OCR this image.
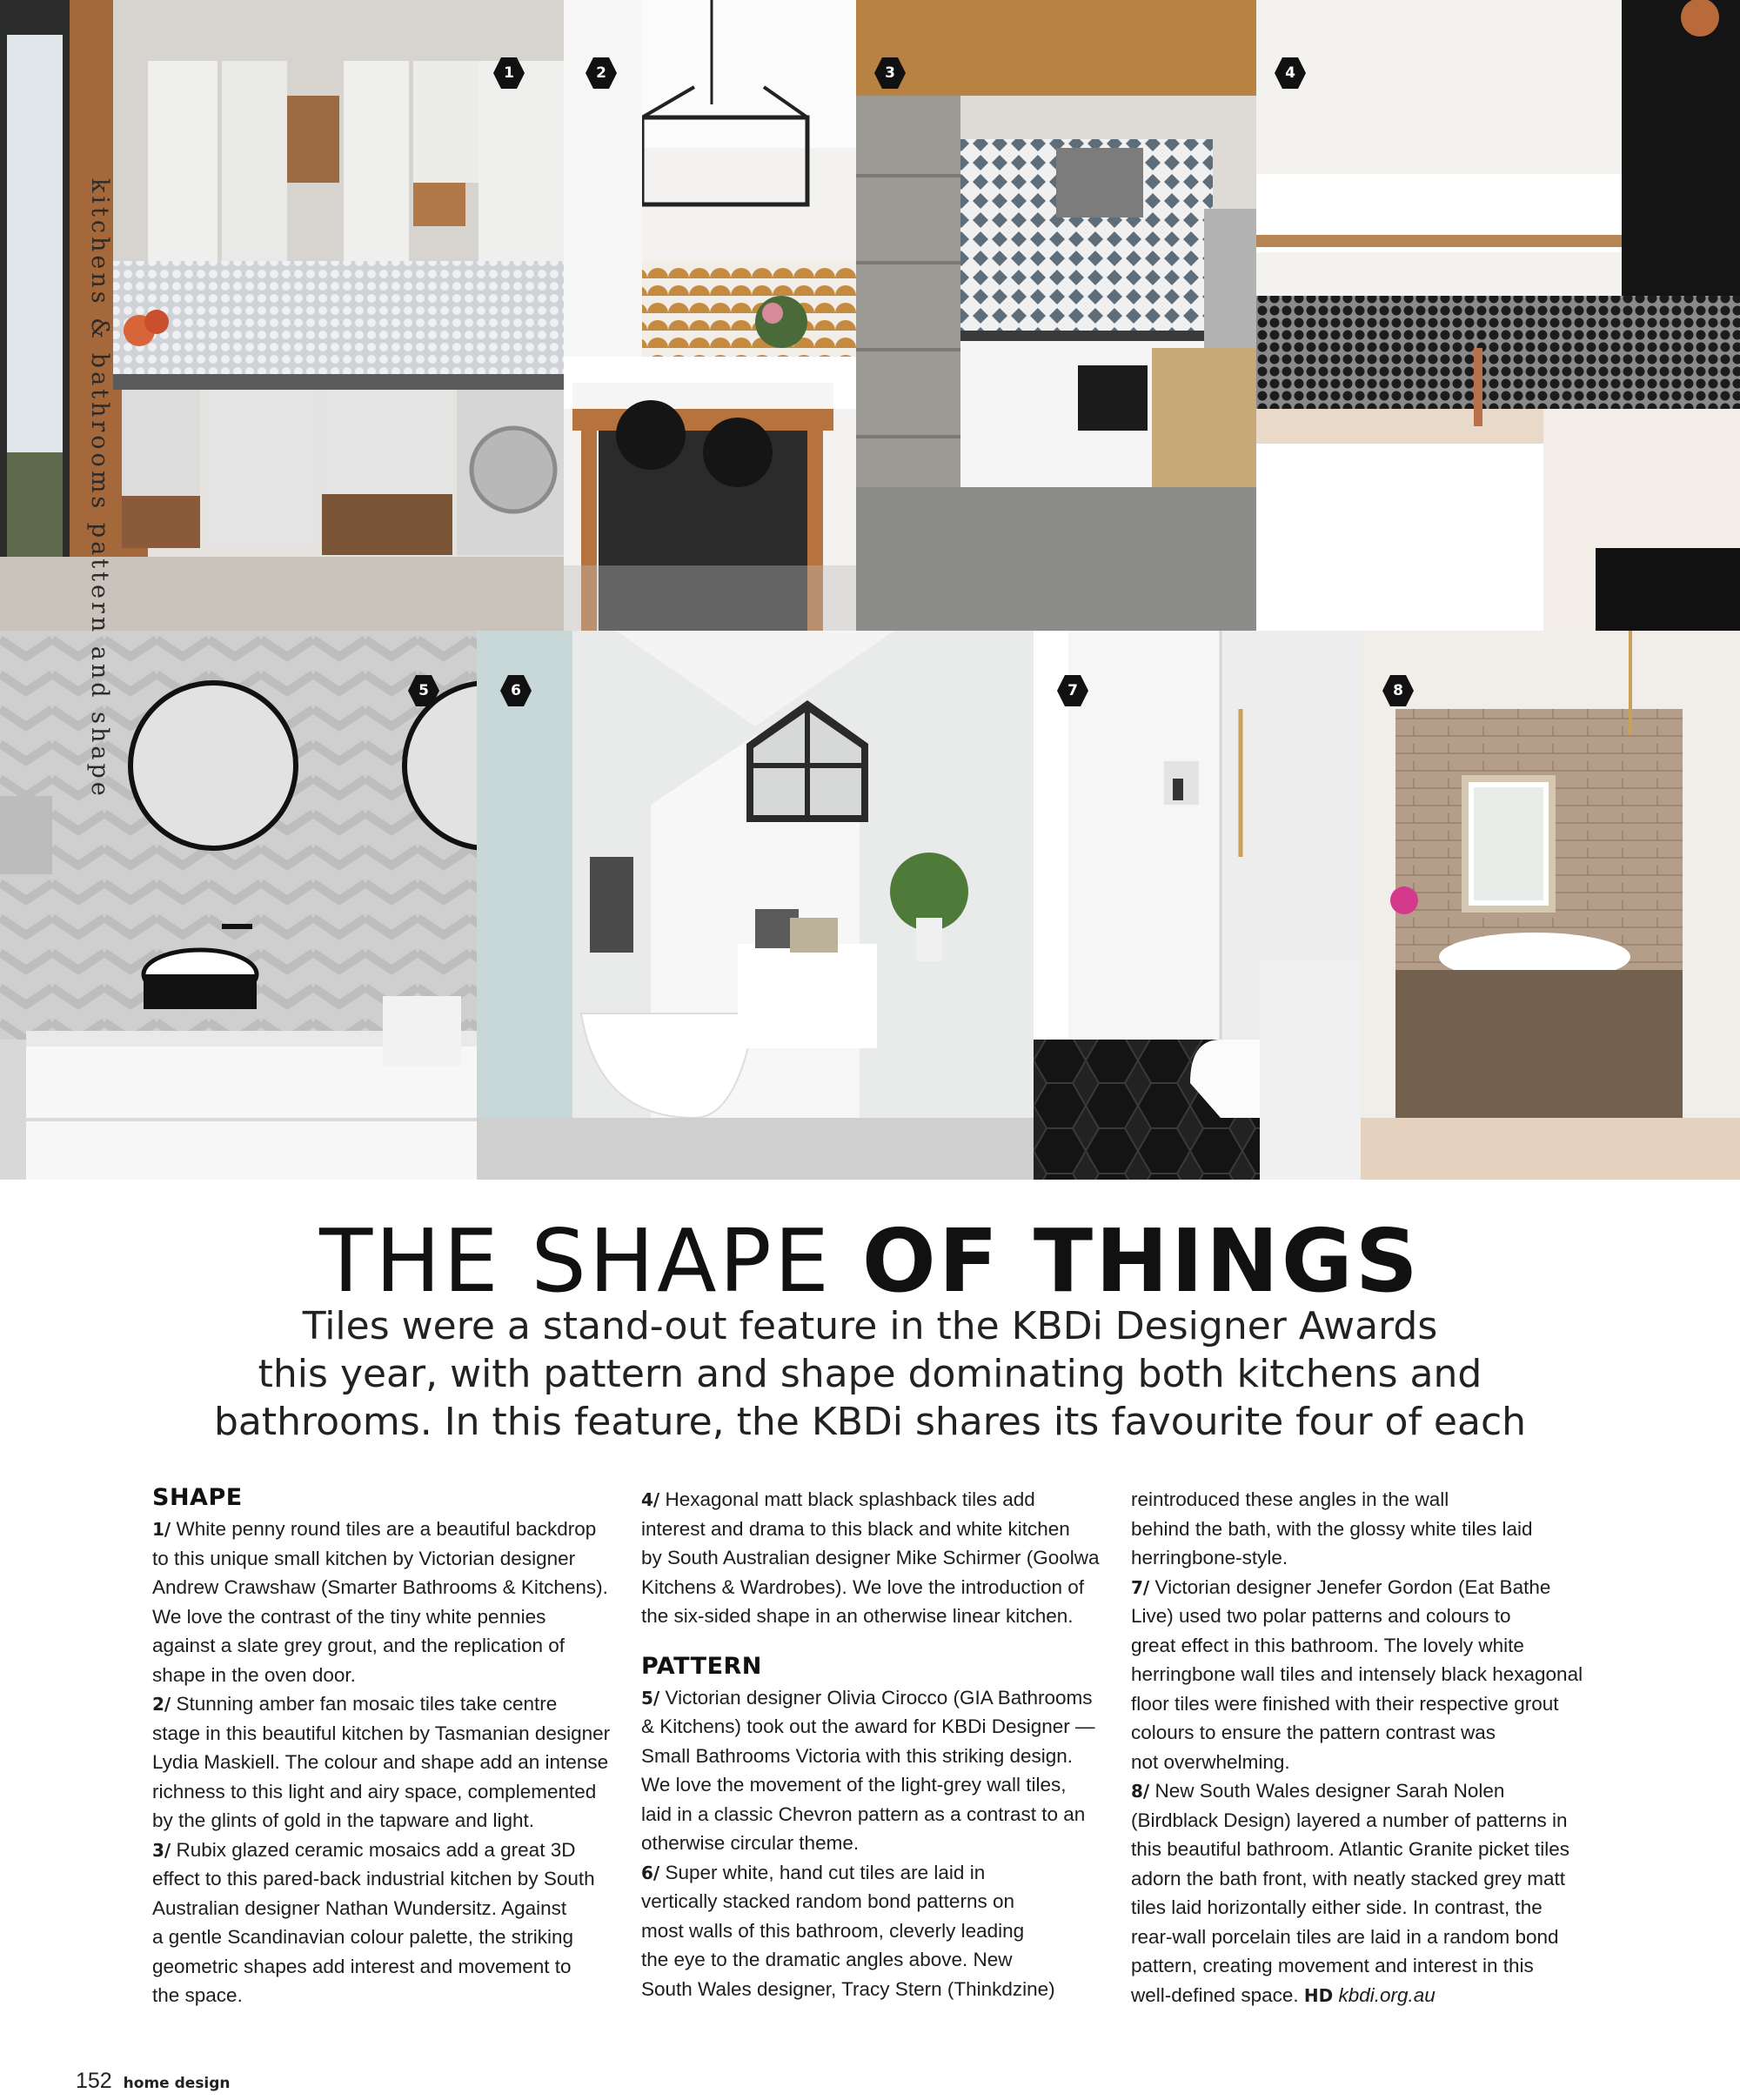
1	2	3	4
5	6	7	8
kitchens & bathrooms pattern and shape
THE SHAPE OF THINGS
Tiles were a stand-out feature in the KBDi Designer Awards
this year, with pattern and shape dominating both kitchens and
bathrooms. In this feature, the KBDi shares its favourite four of each
SHAPE
1/ White penny round tiles are a beautiful backdrop
to this unique small kitchen by Victorian designer
Andrew Crawshaw (Smarter Bathrooms & Kitchens).
We love the contrast of the tiny white pennies
against a slate grey grout, and the replication of
shape in the oven door.
2/ Stunning amber fan mosaic tiles take centre
stage in this beautiful kitchen by Tasmanian designer
Lydia Maskiell. The colour and shape add an intense
richness to this light and airy space, complemented
by the glints of gold in the tapware and light.
3/ Rubix glazed ceramic mosaics add a great 3D
effect to this pared-back industrial kitchen by South
Australian designer Nathan Wundersitz. Against
a gentle Scandinavian colour palette, the striking
geometric shapes add interest and movement to
the space.
4/ Hexagonal matt black splashback tiles add
interest and drama to this black and white kitchen
by South Australian designer Mike Schirmer (Goolwa
Kitchens & Wardrobes). We love the introduction of
the six-sided shape in an otherwise linear kitchen.
PATTERN
5/ Victorian designer Olivia Cirocco (GIA Bathrooms
& Kitchens) took out the award for KBDi Designer —
Small Bathrooms Victoria with this striking design.
We love the movement of the light-grey wall tiles,
laid in a classic Chevron pattern as a contrast to an
otherwise circular theme.
6/ Super white, hand cut tiles are laid in
vertically stacked random bond patterns on
most walls of this bathroom, cleverly leading
the eye to the dramatic angles above. New
South Wales designer, Tracy Stern (Thinkdzine)
reintroduced these angles in the wall
behind the bath, with the glossy white tiles laid
herringbone-style.
7/ Victorian designer Jenefer Gordon (Eat Bathe
Live) used two polar patterns and colours to
great effect in this bathroom. The lovely white
herringbone wall tiles and intensely black hexagonal
floor tiles were finished with their respective grout
colours to ensure the pattern contrast was
not overwhelming.
8/ New South Wales designer Sarah Nolen
(Birdblack Design) layered a number of patterns in
this beautiful bathroom. Atlantic Granite picket tiles
adorn the bath front, with neatly stacked grey matt
tiles laid horizontally either side. In contrast, the
rear-wall porcelain tiles are laid in a random bond
pattern, creating movement and interest in this
well-defined space. HD kbdi.org.au
152 home design
